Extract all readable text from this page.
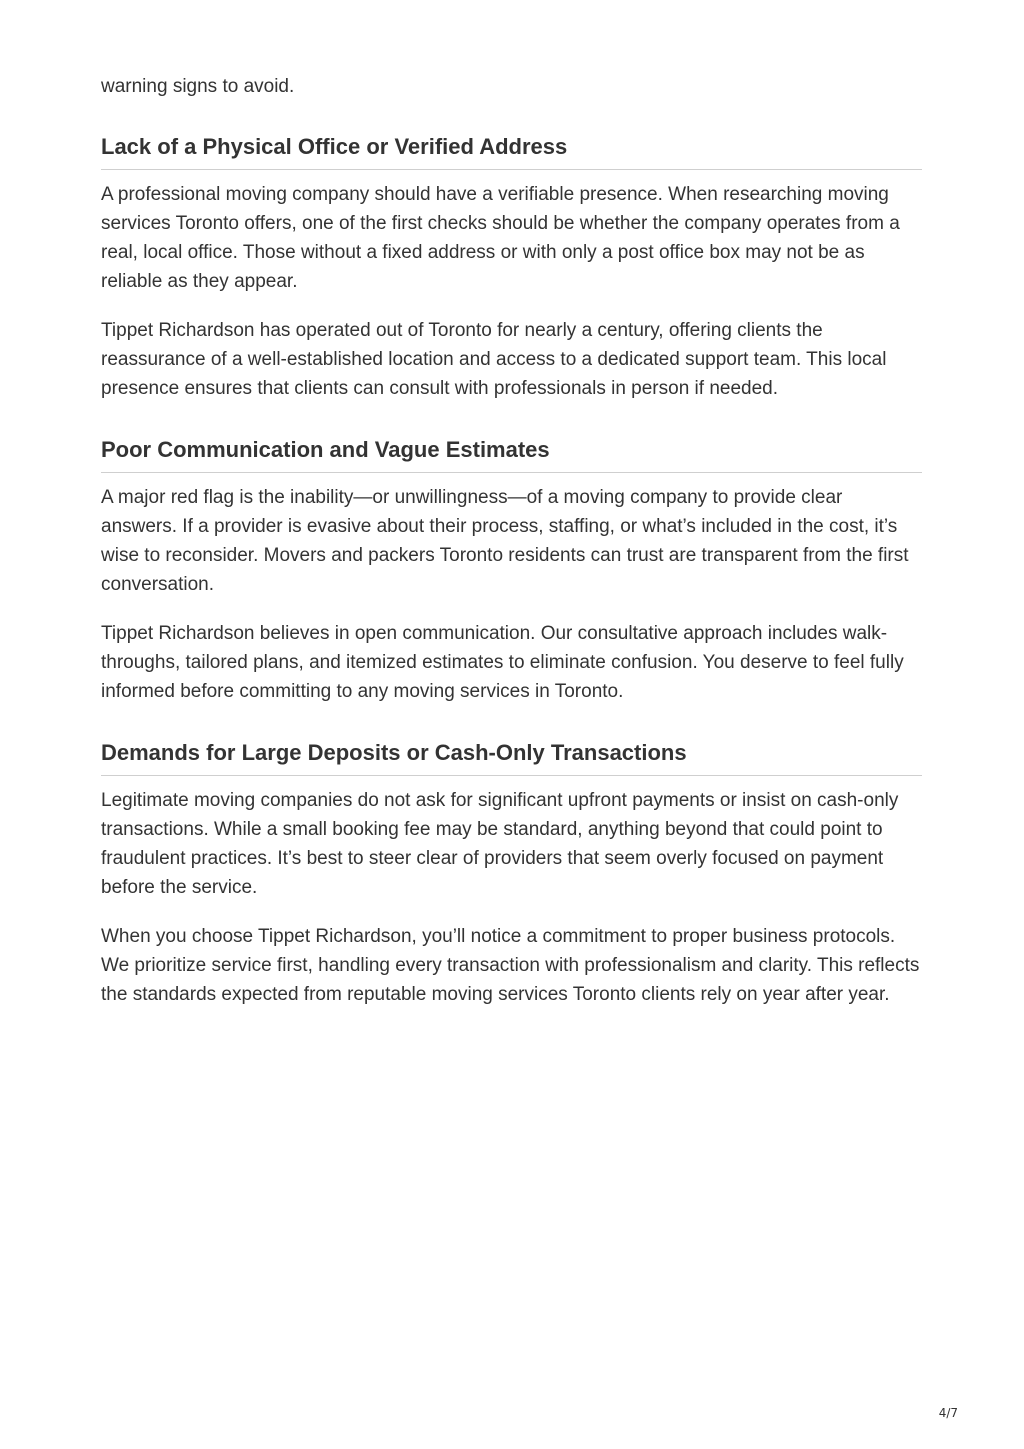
warning signs to avoid.

Lack of a Physical Office or Verified Address

A professional moving company should have a verifiable presence. When researching moving services Toronto offers, one of the first checks should be whether the company operates from a real, local office. Those without a fixed address or with only a post office box may not be as reliable as they appear.

Tippet Richardson has operated out of Toronto for nearly a century, offering clients the reassurance of a well-established location and access to a dedicated support team. This local presence ensures that clients can consult with professionals in person if needed.

Poor Communication and Vague Estimates

A major red flag is the inability—or unwillingness—of a moving company to provide clear answers. If a provider is evasive about their process, staffing, or what’s included in the cost, it’s wise to reconsider. Movers and packers Toronto residents can trust are transparent from the first conversation.

Tippet Richardson believes in open communication. Our consultative approach includes walk-throughs, tailored plans, and itemized estimates to eliminate confusion. You deserve to feel fully informed before committing to any moving services in Toronto.

Demands for Large Deposits or Cash-Only Transactions

Legitimate moving companies do not ask for significant upfront payments or insist on cash-only transactions. While a small booking fee may be standard, anything beyond that could point to fraudulent practices. It’s best to steer clear of providers that seem overly focused on payment before the service.

When you choose Tippet Richardson, you’ll notice a commitment to proper business protocols. We prioritize service first, handling every transaction with professionalism and clarity. This reflects the standards expected from reputable moving services Toronto clients rely on year after year.

4/7
